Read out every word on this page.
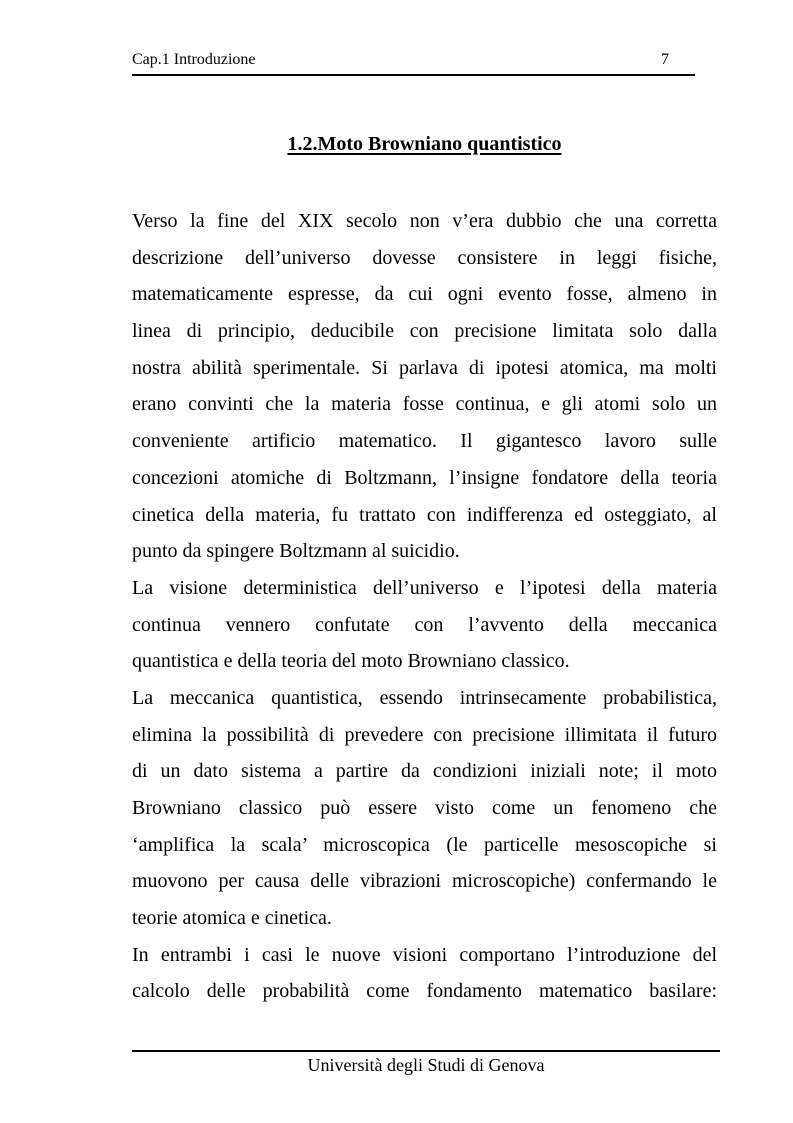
Cap.1 Introduzione	7
1.2.Moto Browniano quantistico
Verso la fine del XIX secolo non v’era dubbio che una corretta
descrizione dell’universo dovesse consistere in leggi fisiche,
matematicamente espresse, da cui ogni evento fosse, almeno in
linea di principio, deducibile con precisione limitata solo dalla
nostra abilità sperimentale. Si parlava di ipotesi atomica, ma molti
erano convinti che la materia fosse continua, e gli atomi solo un
conveniente artificio matematico. Il gigantesco lavoro sulle
concezioni atomiche di Boltzmann, l’insigne fondatore della teoria
cinetica della materia, fu trattato con indifferenza ed osteggiato, al
punto da spingere Boltzmann al suicidio.
La visione deterministica dell’universo e l’ipotesi della materia
continua vennero confutate con l’avvento della meccanica
quantistica e della teoria del moto Browniano classico.
La meccanica quantistica, essendo intrinsecamente probabilistica,
elimina la possibilità di prevedere con precisione illimitata il futuro
di un dato sistema a partire da condizioni iniziali note; il moto
Browniano classico può essere visto come un fenomeno che
‘amplifica la scala’ microscopica (le particelle mesoscopiche si
muovono per causa delle vibrazioni microscopiche) confermando le
teorie atomica e cinetica.
In entrambi i casi le nuove visioni comportano l’introduzione del
calcolo delle probabilità come fondamento matematico basilare:
Università degli Studi di Genova
